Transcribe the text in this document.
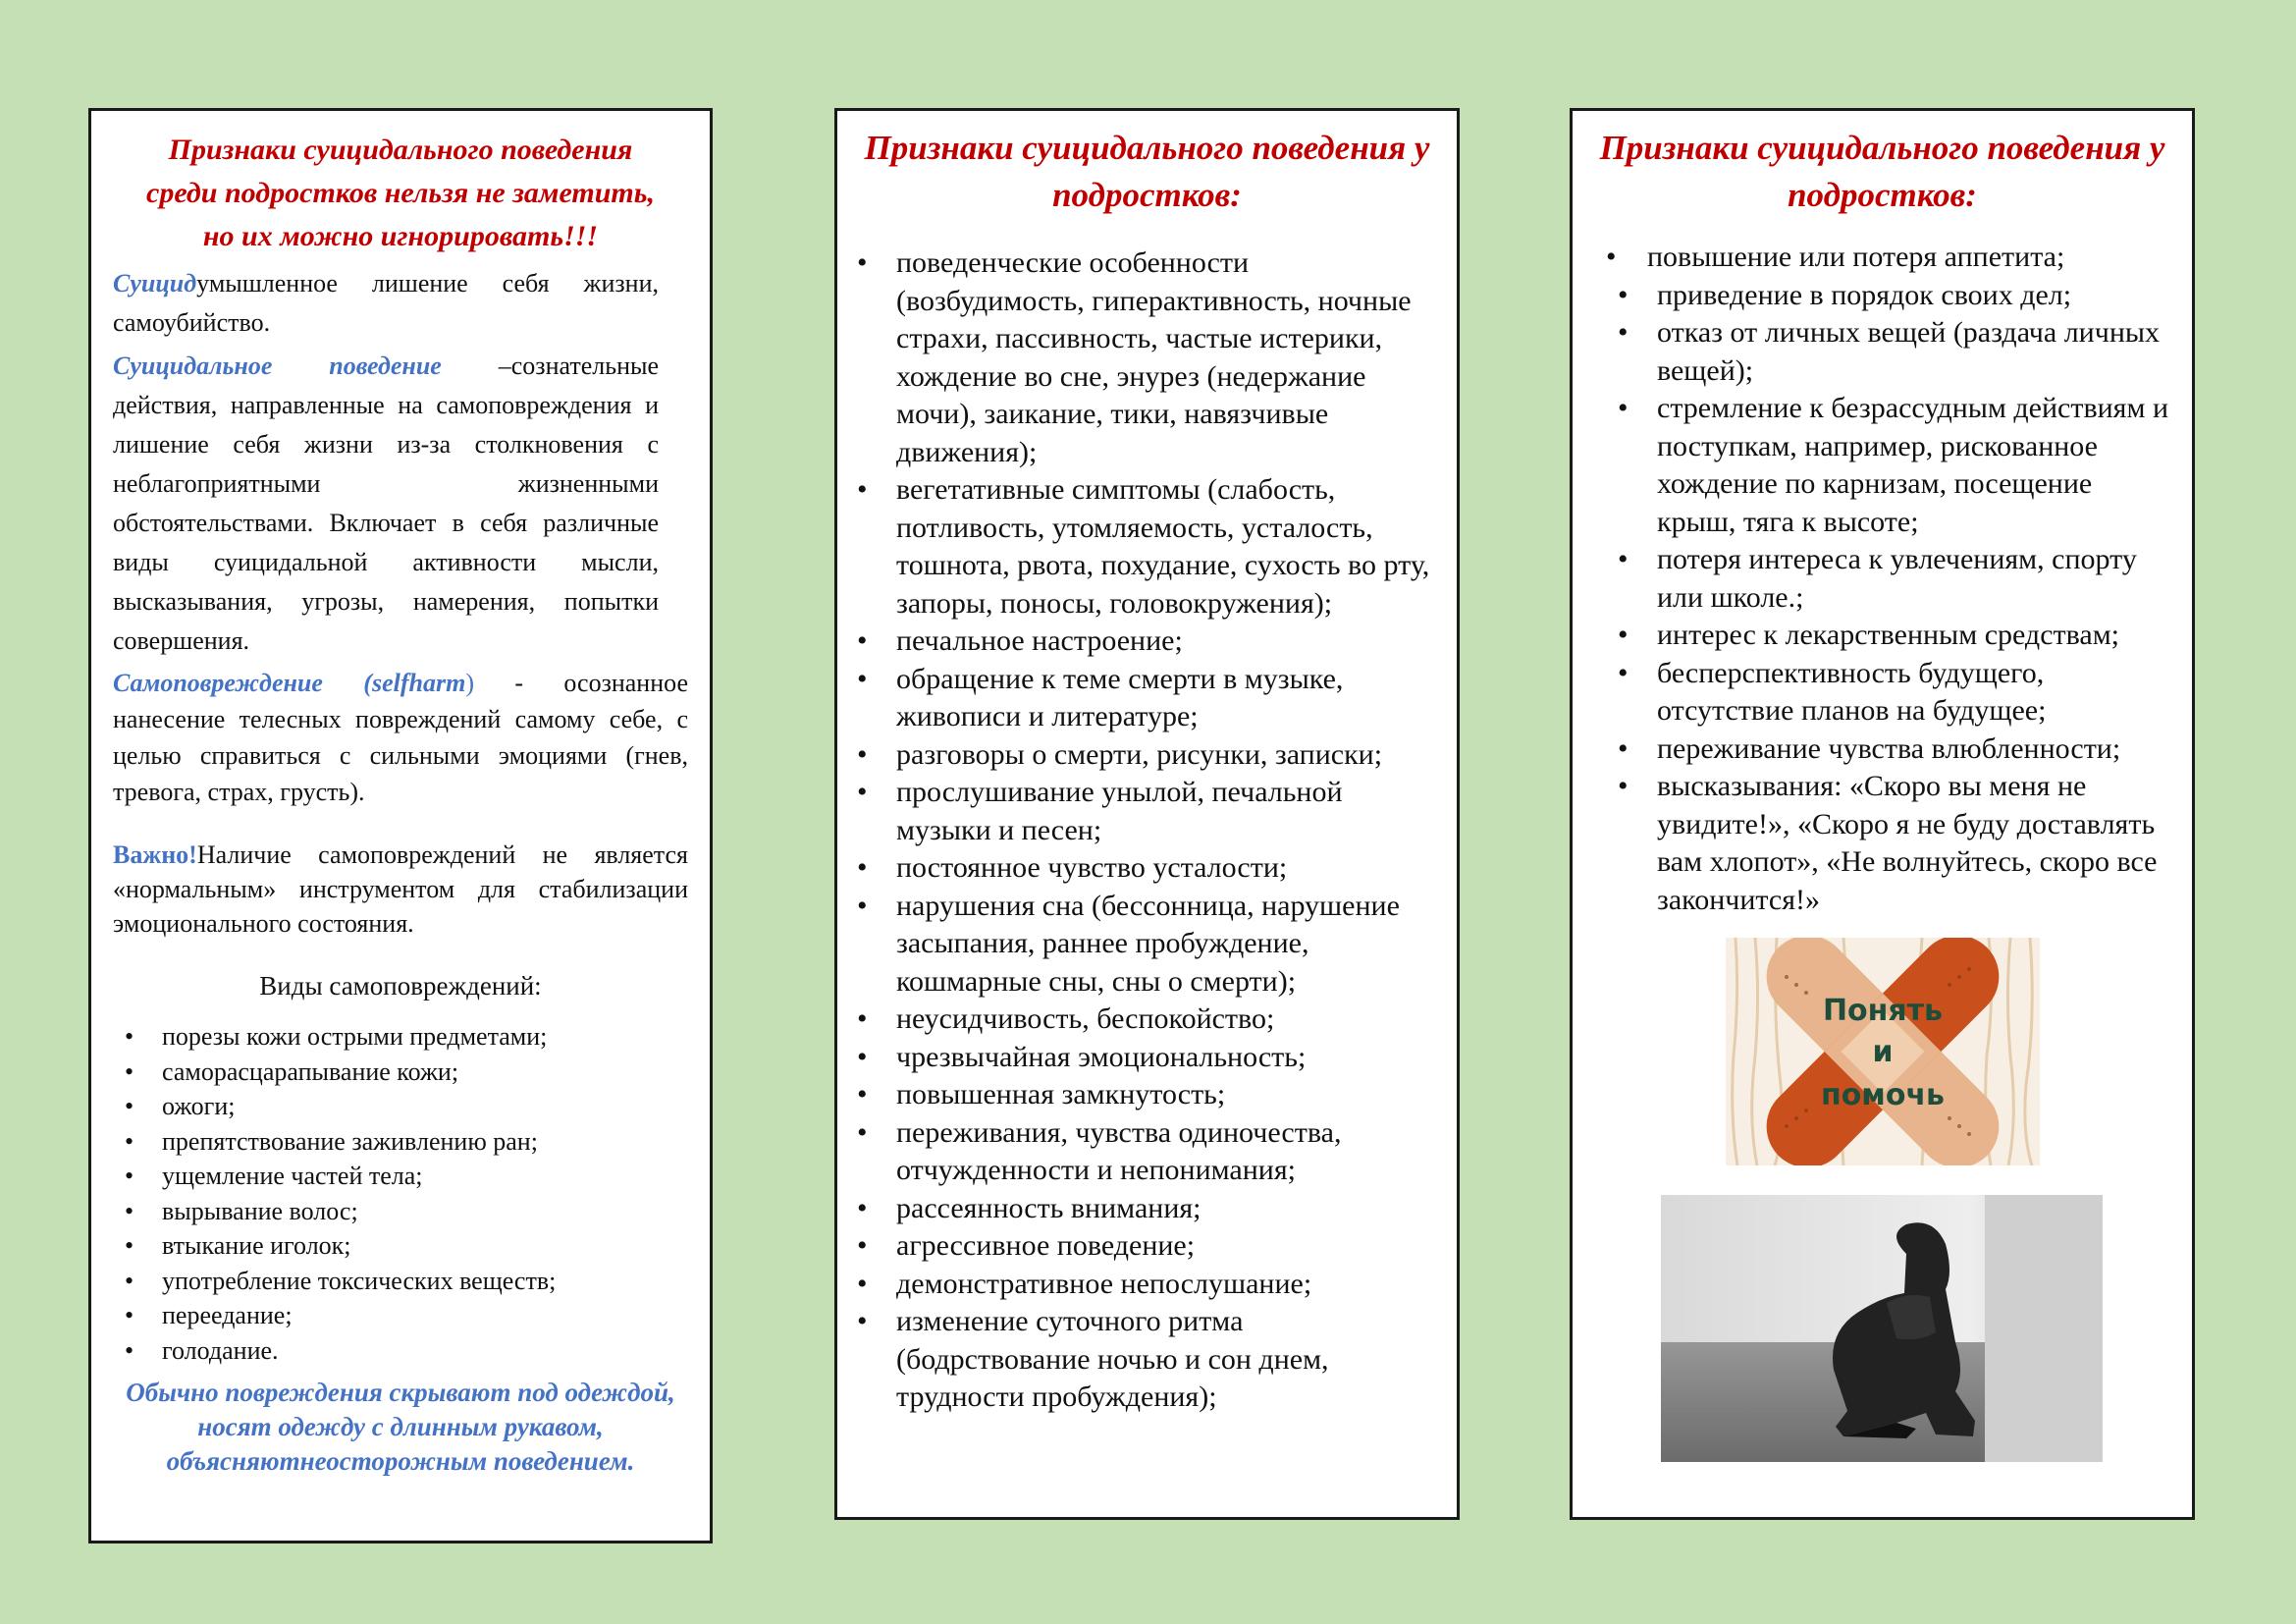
Признаки суицидального поведения среди подростков нельзя не заметить, но их можно игнорировать!!!

Суицидумышленное лишение себя жизни, самоубийство.

Суицидальное поведение –сознательные действия, направленные на самоповреждения и лишение себя жизни из-за столкновения с неблагоприятными жизненными обстоятельствами. Включает в себя различные виды суицидальной активности мысли, высказывания, угрозы, намерения, попытки совершения.

Самоповреждение (selfharm) - осознанное нанесение телесных повреждений самому себе, с целью справиться с сильными эмоциями (гнев, тревога, страх, грусть).

Важно!Наличие самоповреждений не является «нормальным» инструментом для стабилизации эмоционального состояния.

Виды самоповреждений:

• порезы кожи острыми предметами;
• саморасцарапывание кожи;
• ожоги;
• препятствование заживлению ран;
• ущемление частей тела;
• вырывание волос;
• втыкание иголок;
• употребление токсических веществ;
• переедание;
• голодание.

Обычно повреждения скрывают под одеждой, носят одежду с длинным рукавом, объясняютнеосторожным поведением.

Признаки суицидального поведения у подростков:

• поведенческие особенности (возбудимость, гиперактивность, ночные страхи, пассивность, частые истерики, хождение во сне, энурез (недержание мочи), заикание, тики, навязчивые движения);
• вегетативные симптомы (слабость, потливость, утомляемость, усталость, тошнота, рвота, похудание, сухость во рту, запоры, поносы, головокружения);
• печальное настроение;
• обращение к теме смерти в музыке, живописи и литературе;
• разговоры о смерти, рисунки, записки;
• прослушивание унылой, печальной музыки и песен;
• постоянное чувство усталости;
• нарушения сна (бессонница, нарушение засыпания, раннее пробуждение, кошмарные сны, сны о смерти);
• неусидчивость, беспокойство;
• чрезвычайная эмоциональность;
• повышенная замкнутость;
• переживания, чувства одиночества, отчужденности и непонимания;
• рассеянность внимания;
• агрессивное поведение;
• демонстративное непослушание;
• изменение суточного ритма (бодрствование ночью и сон днем, трудности пробуждения);

Признаки суицидального поведения у подростков:

• повышение или потеря аппетита;
• приведение в порядок своих дел;
• отказ от личных вещей (раздача личных вещей);
• стремление к безрассудным действиям и поступкам, например, рискованное хождение по карнизам, посещение крыш, тяга к высоте;
• потеря интереса к увлечениям, спорту или школе.;
• интерес к лекарственным средствам;
• бесперспективность будущего, отсутствие планов на будущее;
• переживание чувства влюбленности;
• высказывания: «Скоро вы меня не увидите!», «Скоро я не буду доставлять вам хлопот», «Не волнуйтесь, скоро все закончится!»
Понять
и
помочь
